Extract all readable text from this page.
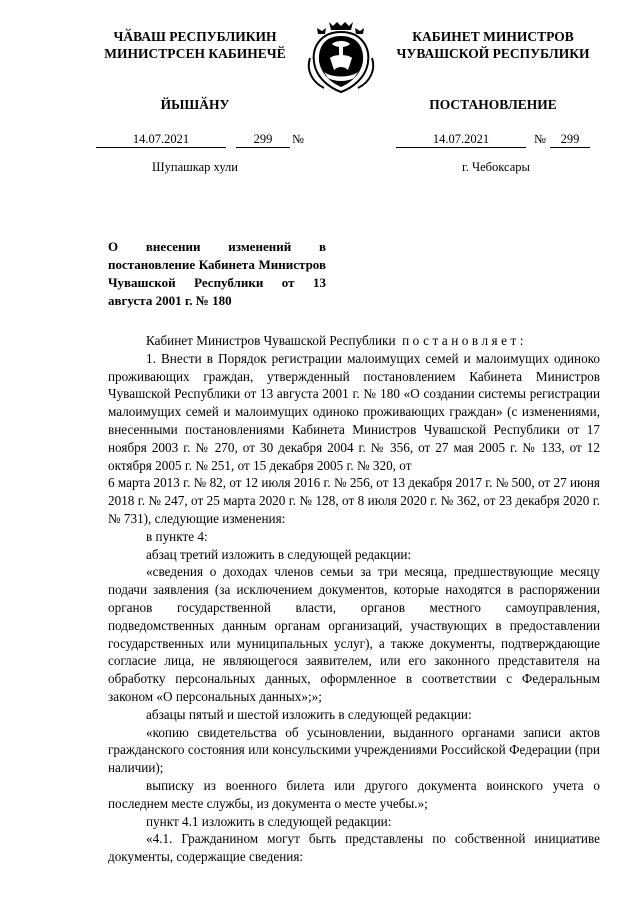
ЧӐВАШ РЕСПУБЛИКИН
МИНИСТРСЕН КАБИНЕЧӖ
КАБИНЕТ МИНИСТРОВ
ЧУВАШСКОЙ РЕСПУБЛИКИ
ЙЫШӐНУ	ПОСТАНОВЛЕНИЕ
14.07.2021	299 №	14.07.2021	№ 299
Шупашкар хули	г. Чебоксары
О внесении изменений в постановление Кабинета Министров Чувашской Республики от 13 августа 2001 г. № 180

Кабинет Министров Чувашской Республики постановляет:

1. Внести в Порядок регистрации малоимущих семей и малоимущих одиноко проживающих граждан, утвержденный постановлением Кабинета Министров Чувашской Республики от 13 августа 2001 г. № 180 «О создании системы регистрации малоимущих семей и малоимущих одиноко проживающих граждан» (с изменениями, внесенными постановлениями Кабинета Министров Чувашской Республики от 17 ноября 2003 г. № 270, от 30 декабря 2004 г. № 356, от 27 мая 2005 г. № 133, от 12 октября 2005 г. № 251, от 15 декабря 2005 г. № 320, от

6 марта 2013 г. № 82, от 12 июля 2016 г. № 256, от 13 декабря 2017 г. № 500, от 27 июня 2018 г. № 247, от 25 марта 2020 г. № 128, от 8 июля 2020 г. № 362, от 23 декабря 2020 г. № 731), следующие изменения:

в пункте 4:

абзац третий изложить в следующей редакции:

«сведения о доходах членов семьи за три месяца, предшествующие месяцу подачи заявления (за исключением документов, которые находятся в распоряжении органов государственной власти, органов местного самоуправления, подведомственных данным органам организаций, участвующих в предоставлении государственных или муниципальных услуг), а также документы, подтверждающие согласие лица, не являющегося заявителем, или его законного представителя на обработку персональных данных, оформленное в соответствии с Федеральным законом «О персональных данных»;»;

абзацы пятый и шестой изложить в следующей редакции:

«копию свидетельства об усыновлении, выданного органами записи актов гражданского состояния или консульскими учреждениями Российской Федерации (при наличии);

выписку из военного билета или другого документа воинского учета о последнем месте службы, из документа о месте учебы.»;

пункт 4.1 изложить в следующей редакции:

«4.1. Гражданином могут быть представлены по собственной инициативе документы, содержащие сведения:
